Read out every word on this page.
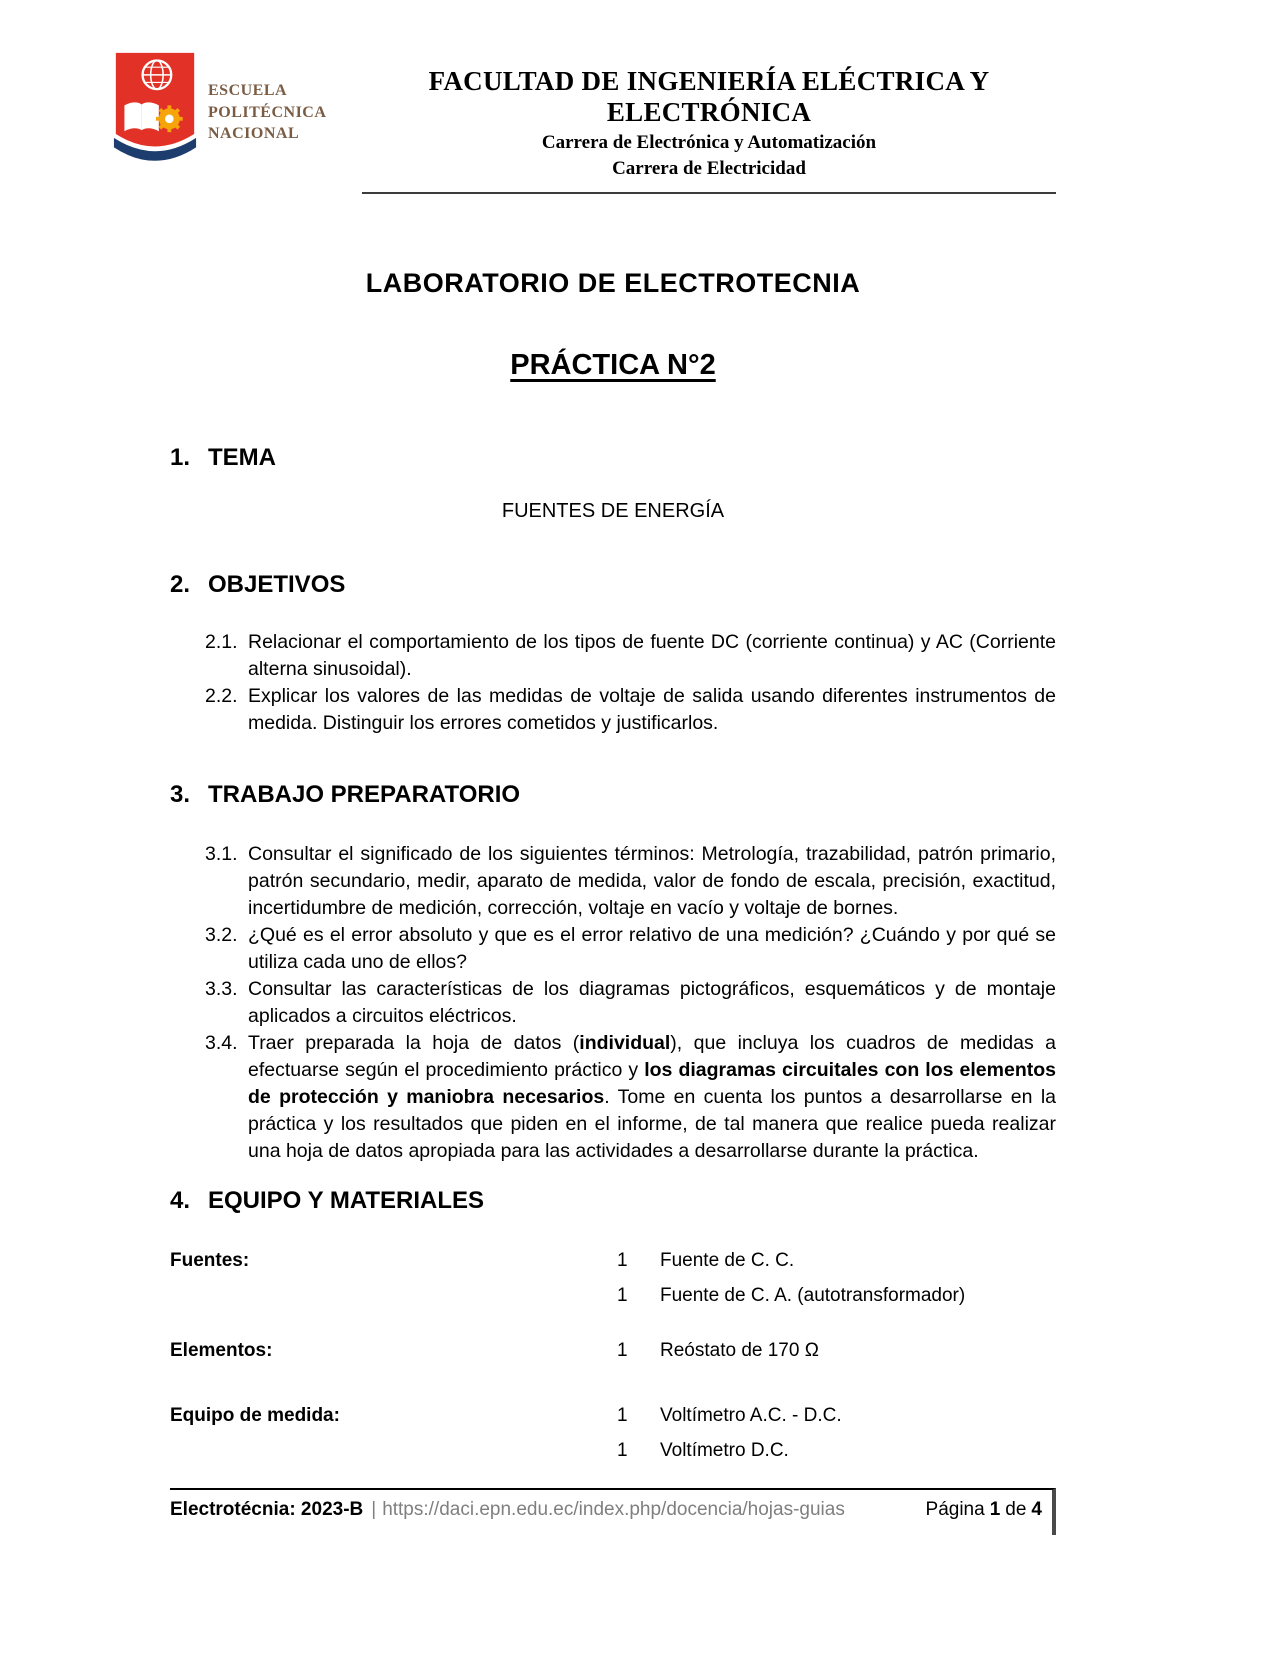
ESCUELA
POLITÉCNICA
NACIONAL
FACULTAD DE INGENIERÍA ELÉCTRICA Y ELECTRÓNICA
Carrera de Electrónica y Automatización
Carrera de Electricidad
LABORATORIO DE ELECTROTECNIA
PRÁCTICA N°2
1. TEMA
FUENTES DE ENERGÍA
2. OBJETIVOS
2.1. Relacionar el comportamiento de los tipos de fuente DC (corriente continua) y AC (Corriente alterna sinusoidal).
2.2. Explicar los valores de las medidas de voltaje de salida usando diferentes instrumentos de medida. Distinguir los errores cometidos y justificarlos.
3. TRABAJO PREPARATORIO
3.1. Consultar el significado de los siguientes términos: Metrología, trazabilidad, patrón primario, patrón secundario, medir, aparato de medida, valor de fondo de escala, precisión, exactitud, incertidumbre de medición, corrección, voltaje en vacío y voltaje de bornes.
3.2. ¿Qué es el error absoluto y que es el error relativo de una medición? ¿Cuándo y por qué se utiliza cada uno de ellos?
3.3. Consultar las características de los diagramas pictográficos, esquemáticos y de montaje aplicados a circuitos eléctricos.
3.4. Traer preparada la hoja de datos (individual), que incluya los cuadros de medidas a efectuarse según el procedimiento práctico y los diagramas circuitales con los elementos de protección y maniobra necesarios. Tome en cuenta los puntos a desarrollarse en la práctica y los resultados que piden en el informe, de tal manera que realice pueda realizar una hoja de datos apropiada para las actividades a desarrollarse durante la práctica.
4. EQUIPO Y MATERIALES
Fuentes:	1	Fuente de C. C.
1	Fuente de C. A. (autotransformador)
Elementos:	1	Reóstato de 170 Ω
Equipo de medida:	1	Voltímetro A.C. - D.C.
1	Voltímetro D.C.
Electrotécnia: 2023-B | https://daci.epn.edu.ec/index.php/docencia/hojas-guias	Página 1 de 4
